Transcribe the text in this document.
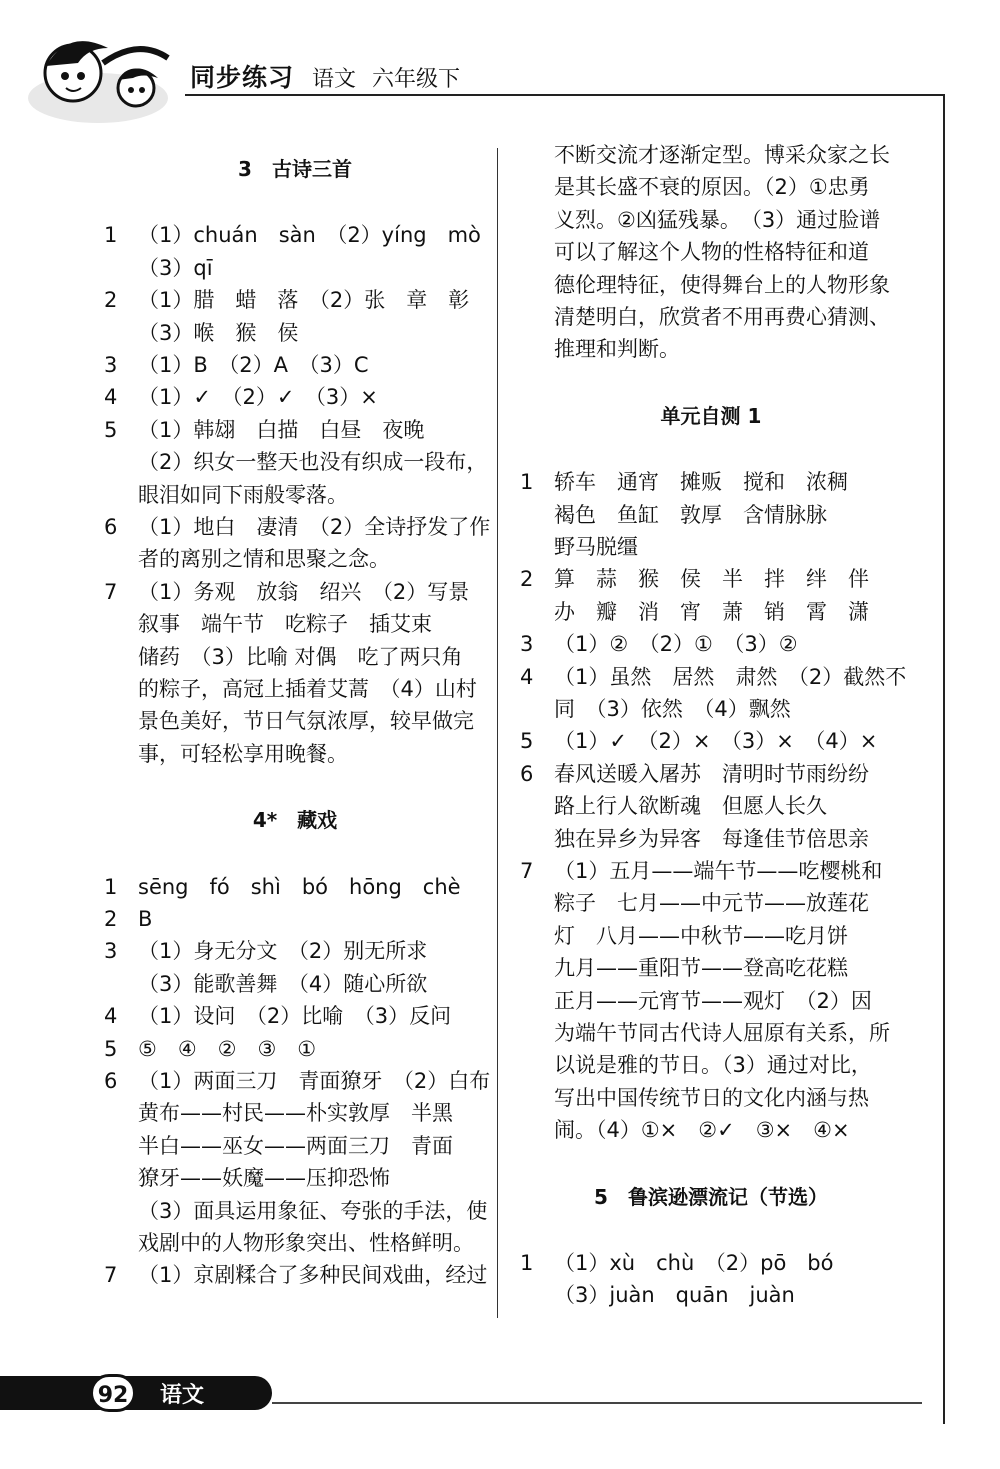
同步练习 语文 六年级下
3　古诗三首
1 （1）chuán　sàn　（2）yíng　mò
（3）qī
2 （1）腊　蜡　落　（2）张　章　彰
（3）喉　猴　侯
3 （1）B　（2）A　（3）C
4 （1）✓　（2）✓　（3）×
5 （1）韩翃　白描　白昼　夜晚
（2）织女一整天也没有织成一段布，
眼泪如同下雨般零落。
6 （1）地白　凄清　（2）全诗抒发了作
者的离别之情和思聚之念。
7 （1）务观　放翁　绍兴　（2）写景
叙事　端午节　吃粽子　插艾束
储药　（3）比喻 对偶　吃了两只角
的粽子，高冠上插着艾蒿　（4）山村
景色美好，节日气氛浓厚，较早做完
事，可轻松享用晚餐。
4*　藏戏
1 sēng　fó　shì　bó　hōng　chè
2 B
3 （1）身无分文　（2）别无所求
（3）能歌善舞　（4）随心所欲
4 （1）设问　（2）比喻　（3）反问
5 ⑤　④　②　③　①
6 （1）两面三刀　青面獠牙　（2）白布
黄布——村民——朴实敦厚　半黑
半白——巫女——两面三刀　青面
獠牙——妖魔——压抑恐怖
（3）面具运用象征、夸张的手法，使
戏剧中的人物形象突出、性格鲜明。
7 （1）京剧糅合了多种民间戏曲，经过
不断交流才逐渐定型。博采众家之长
是其长盛不衰的原因。（2）①忠勇
义烈。②凶猛残暴。　（3）通过脸谱
可以了解这个人物的性格特征和道
德伦理特征，使得舞台上的人物形象
清楚明白，欣赏者不用再费心猜测、
推理和判断。
单元自测 1
1 轿车　通宵　摊贩　搅和　浓稠
褐色　鱼缸　敦厚　含情脉脉
野马脱缰
2 算　蒜　猴　侯　半　拌　绊　伴
办　瓣　消　宵　萧　销　霄　潇
3 （1）②　（2）①　（3）②
4 （1）虽然　居然　肃然　（2）截然不
同　（3）依然　（4）飘然
5 （1）✓　（2）×　（3）×　（4）×
6 春风送暖入屠苏　清明时节雨纷纷
路上行人欲断魂　但愿人长久
独在异乡为异客　每逢佳节倍思亲
7 （1）五月——端午节——吃樱桃和
粽子　七月——中元节——放莲花
灯　八月——中秋节——吃月饼
九月——重阳节——登高吃花糕
正月——元宵节——观灯　（2）因
为端午节同古代诗人屈原有关系，所
以说是雅的节日。（3）通过对比，
写出中国传统节日的文化内涵与热
闹。（4）①×　②✓　③×　④×
5　鲁滨逊漂流记（节选）
1 （1）xù　chù　（2）pō　bó
（3）juàn　quān　juàn
92	语文
